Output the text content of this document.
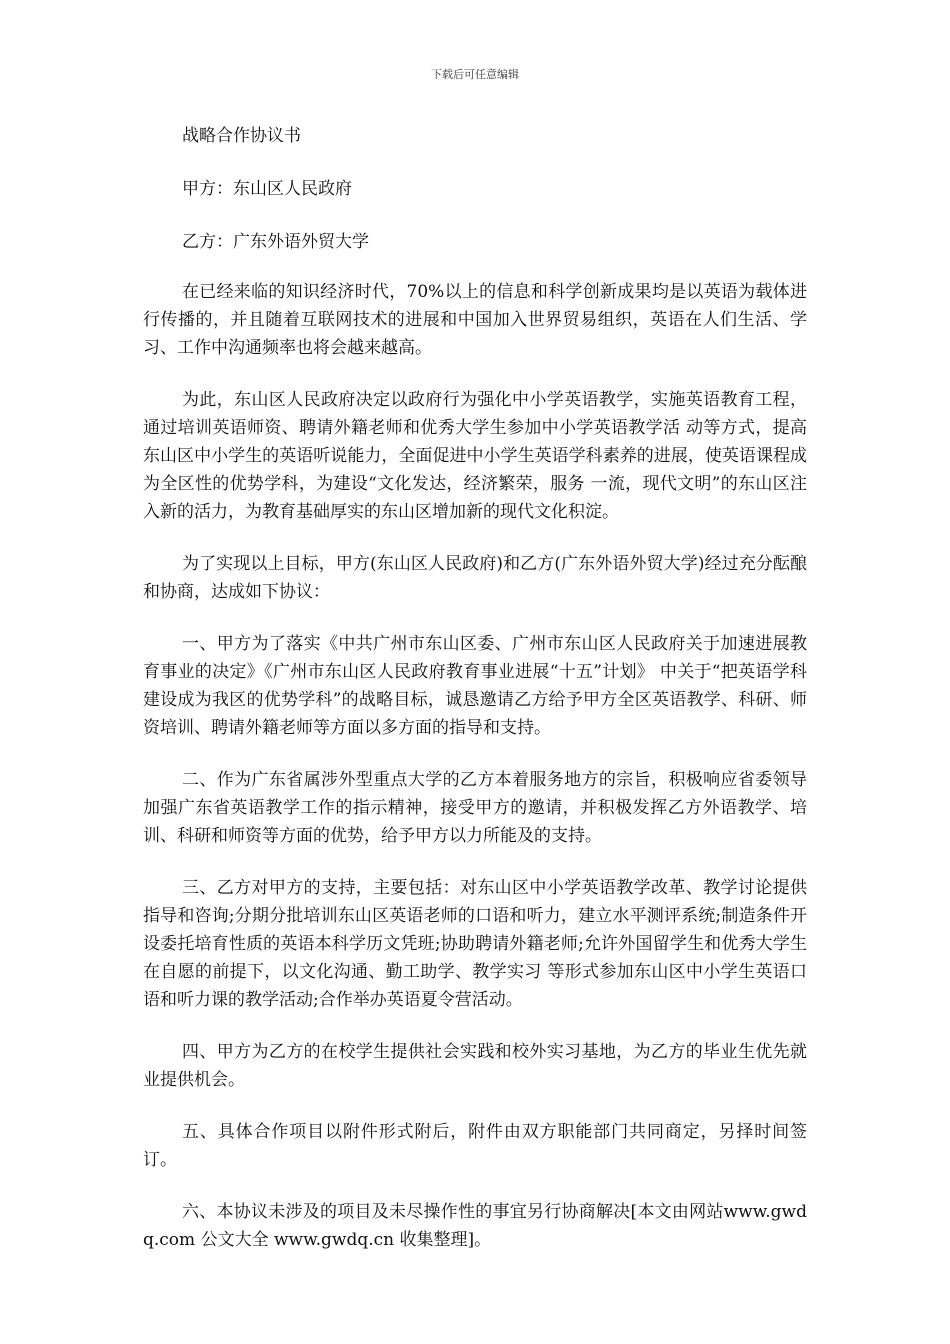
下载后可任意编辑
战略合作协议书
甲方：东山区人民政府
乙方：广东外语外贸大学

在已经来临的知识经济时代，70%以上的信息和科学创新成果均是以英语为载体进行传播的，并且随着互联网技术的进展和中国加入世界贸易组织，英语在人们生活、学习、工作中沟通频率也将会越来越高。

为此，东山区人民政府决定以政府行为强化中小学英语教学，实施英语教育工程，通过培训英语师资、聘请外籍老师和优秀大学生参加中小学英语教学活 动等方式，提高东山区中小学生的英语听说能力，全面促进中小学生英语学科素养的进展，使英语课程成为全区性的优势学科，为建设“文化发达，经济繁荣，服务 一流，现代文明”的东山区注入新的活力，为教育基础厚实的东山区增加新的现代文化积淀。

为了实现以上目标，甲方(东山区人民政府)和乙方(广东外语外贸大学)经过充分酝酿和协商，达成如下协议：

一、甲方为了落实《中共广州市东山区委、广州市东山区人民政府关于加速进展教育事业的决定》《广州市东山区人民政府教育事业进展“十五”计划》 中关于“把英语学科建设成为我区的优势学科”的战略目标，诚恳邀请乙方给予甲方全区英语教学、科研、师资培训、聘请外籍老师等方面以多方面的指导和支持。

二、作为广东省属涉外型重点大学的乙方本着服务地方的宗旨，积极响应省委领导加强广东省英语教学工作的指示精神，接受甲方的邀请，并积极发挥乙方外语教学、培训、科研和师资等方面的优势，给予甲方以力所能及的支持。

三、乙方对甲方的支持，主要包括：对东山区中小学英语教学改革、教学讨论提供指导和咨询;分期分批培训东山区英语老师的口语和听力，建立水平测评系统;制造条件开设委托培育性质的英语本科学历文凭班;协助聘请外籍老师;允许外国留学生和优秀大学生在自愿的前提下，以文化沟通、勤工助学、教学实习 等形式参加东山区中小学生英语口语和听力课的教学活动;合作举办英语夏令营活动。

四、甲方为乙方的在校学生提供社会实践和校外实习基地，为乙方的毕业生优先就业提供机会。

五、具体合作项目以附件形式附后，附件由双方职能部门共同商定，另择时间签订。

六、本协议未涉及的项目及未尽操作性的事宜另行协商解决[本文由网站www.gwdq.com 公文大全 www.gwdq.cn 收集整理]。
